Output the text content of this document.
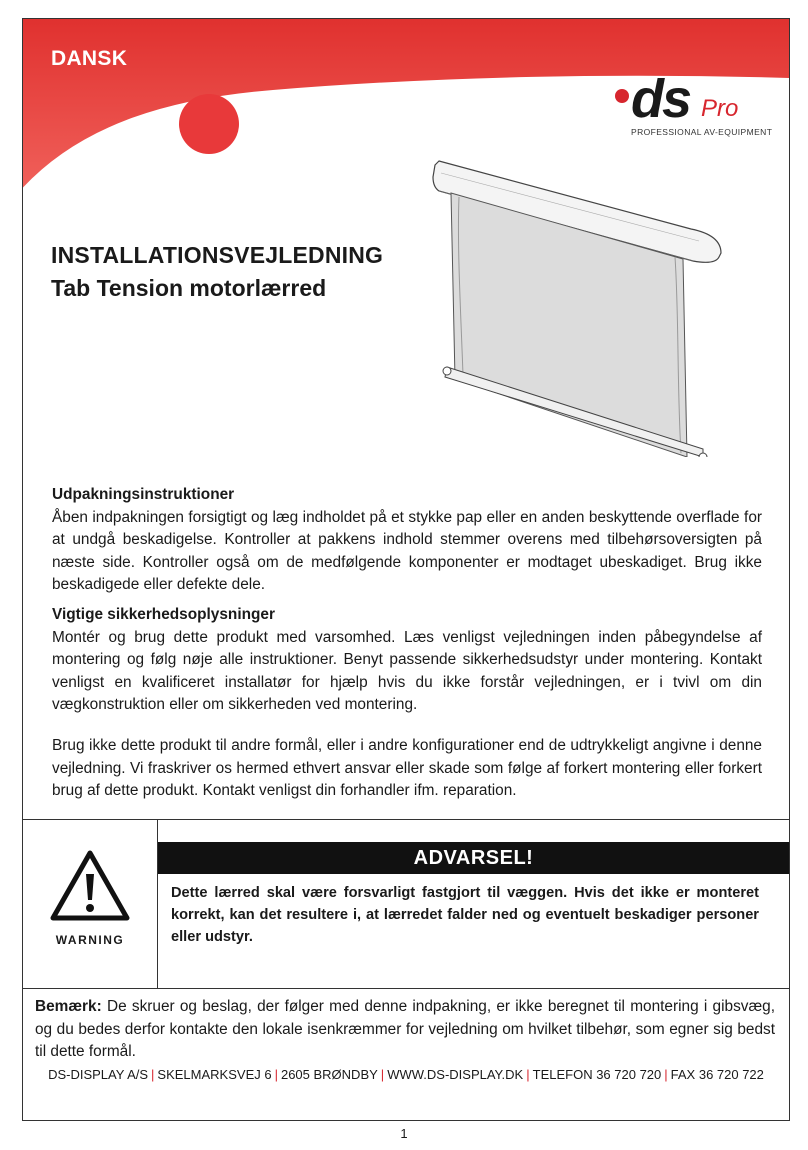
DANSK
ds Pro
PROFESSIONAL AV-EQUIPMENT
INSTALLATIONSVEJLEDNING
Tab Tension motorlærred
Udpakningsinstruktioner

Åben indpakningen forsigtigt og læg indholdet på et stykke pap eller en anden beskyttende overflade for at undgå beskadigelse. Kontroller at pakkens indhold stemmer overens med tilbehørsoversigten på næste side. Kontroller også om de medfølgende komponenter er modtaget ubeskadiget. Brug ikke beskadigede eller defekte dele.

Vigtige sikkerhedsoplysninger

Montér og brug dette produkt med varsomhed. Læs venligst vejledningen inden påbegyndelse af montering og følg nøje alle instruktioner. Benyt passende sikkerhedsudstyr under montering. Kontakt venligst en kvalificeret installatør for hjælp hvis du ikke forstår vejledningen, er i tvivl om din vægkonstruktion eller om sikkerheden ved montering.

Brug ikke dette produkt til andre formål, eller i andre konfigurationer end de udtrykkeligt angivne i denne vejledning. Vi fraskriver os hermed ethvert ansvar eller skade som følge af forkert montering eller forkert brug af dette produkt. Kontakt venligst din forhandler ifm. reparation.

WARNING
ADVARSEL!
Dette lærred skal være forsvarligt fastgjort til væggen. Hvis det ikke er monteret korrekt, kan det resultere i, at lærredet falder ned og eventuelt beskadiger personer eller udstyr.
Bemærk: De skruer og beslag, der følger med denne indpakning, er ikke beregnet til montering i gibsvæg, og du bedes derfor kontakte den lokale isenkræmmer for vejledning om hvilket tilbehør, som egner sig bedst til dette formål.
DS-DISPLAY A/S | SKELMARKSVEJ 6 | 2605 BRØNDBY | WWW.DS-DISPLAY.DK | TELEFON 36 720 720 | FAX 36 720 722
1
